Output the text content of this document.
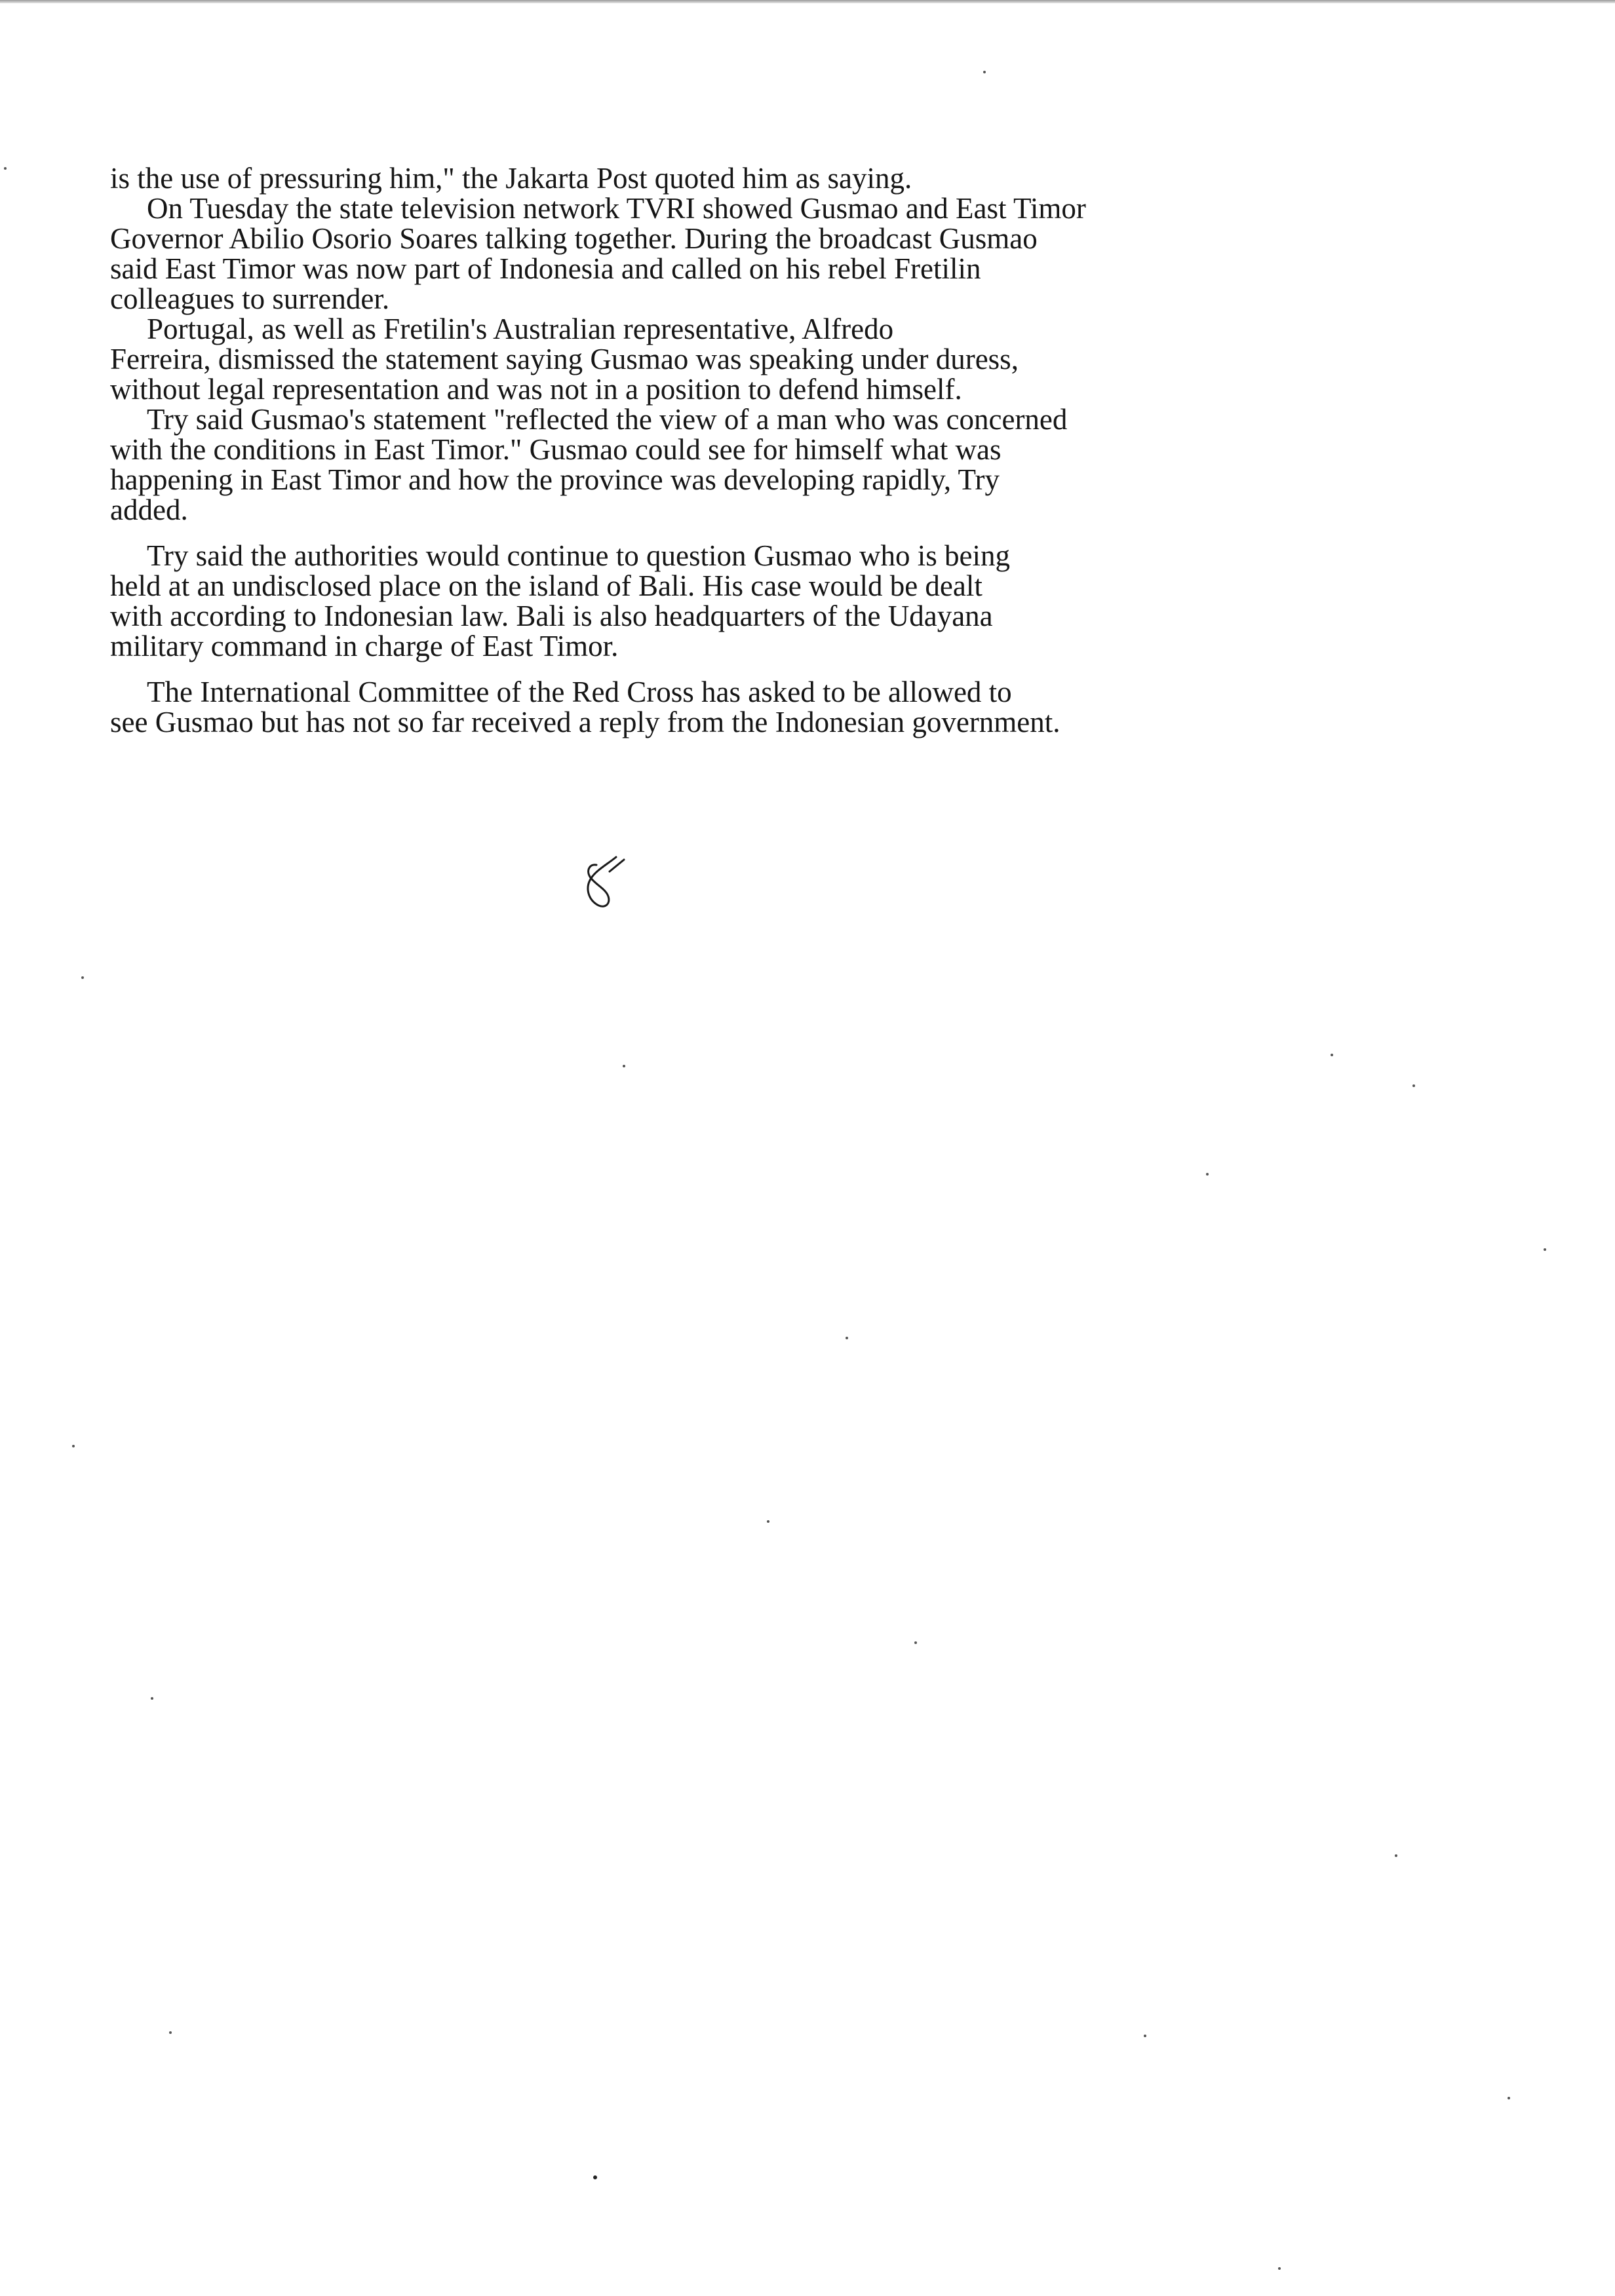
is the use of pressuring him," the Jakarta Post quoted him as saying.
On Tuesday the state television network TVRI showed Gusmao and East Timor
Governor Abilio Osorio Soares talking together. During the broadcast Gusmao
said East Timor was now part of Indonesia and called on his rebel Fretilin
colleagues to surrender.
Portugal, as well as Fretilin's Australian representative, Alfredo
Ferreira, dismissed the statement saying Gusmao was speaking under duress,
without legal representation and was not in a position to defend himself.
Try said Gusmao's statement "reflected the view of a man who was concerned
with the conditions in East Timor." Gusmao could see for himself what was
happening in East Timor and how the province was developing rapidly, Try
added.
Try said the authorities would continue to question Gusmao who is being
held at an undisclosed place on the island of Bali. His case would be dealt
with according to Indonesian law. Bali is also headquarters of the Udayana
military command in charge of East Timor.
The International Committee of the Red Cross has asked to be allowed to
see Gusmao but has not so far received a reply from the Indonesian government.
